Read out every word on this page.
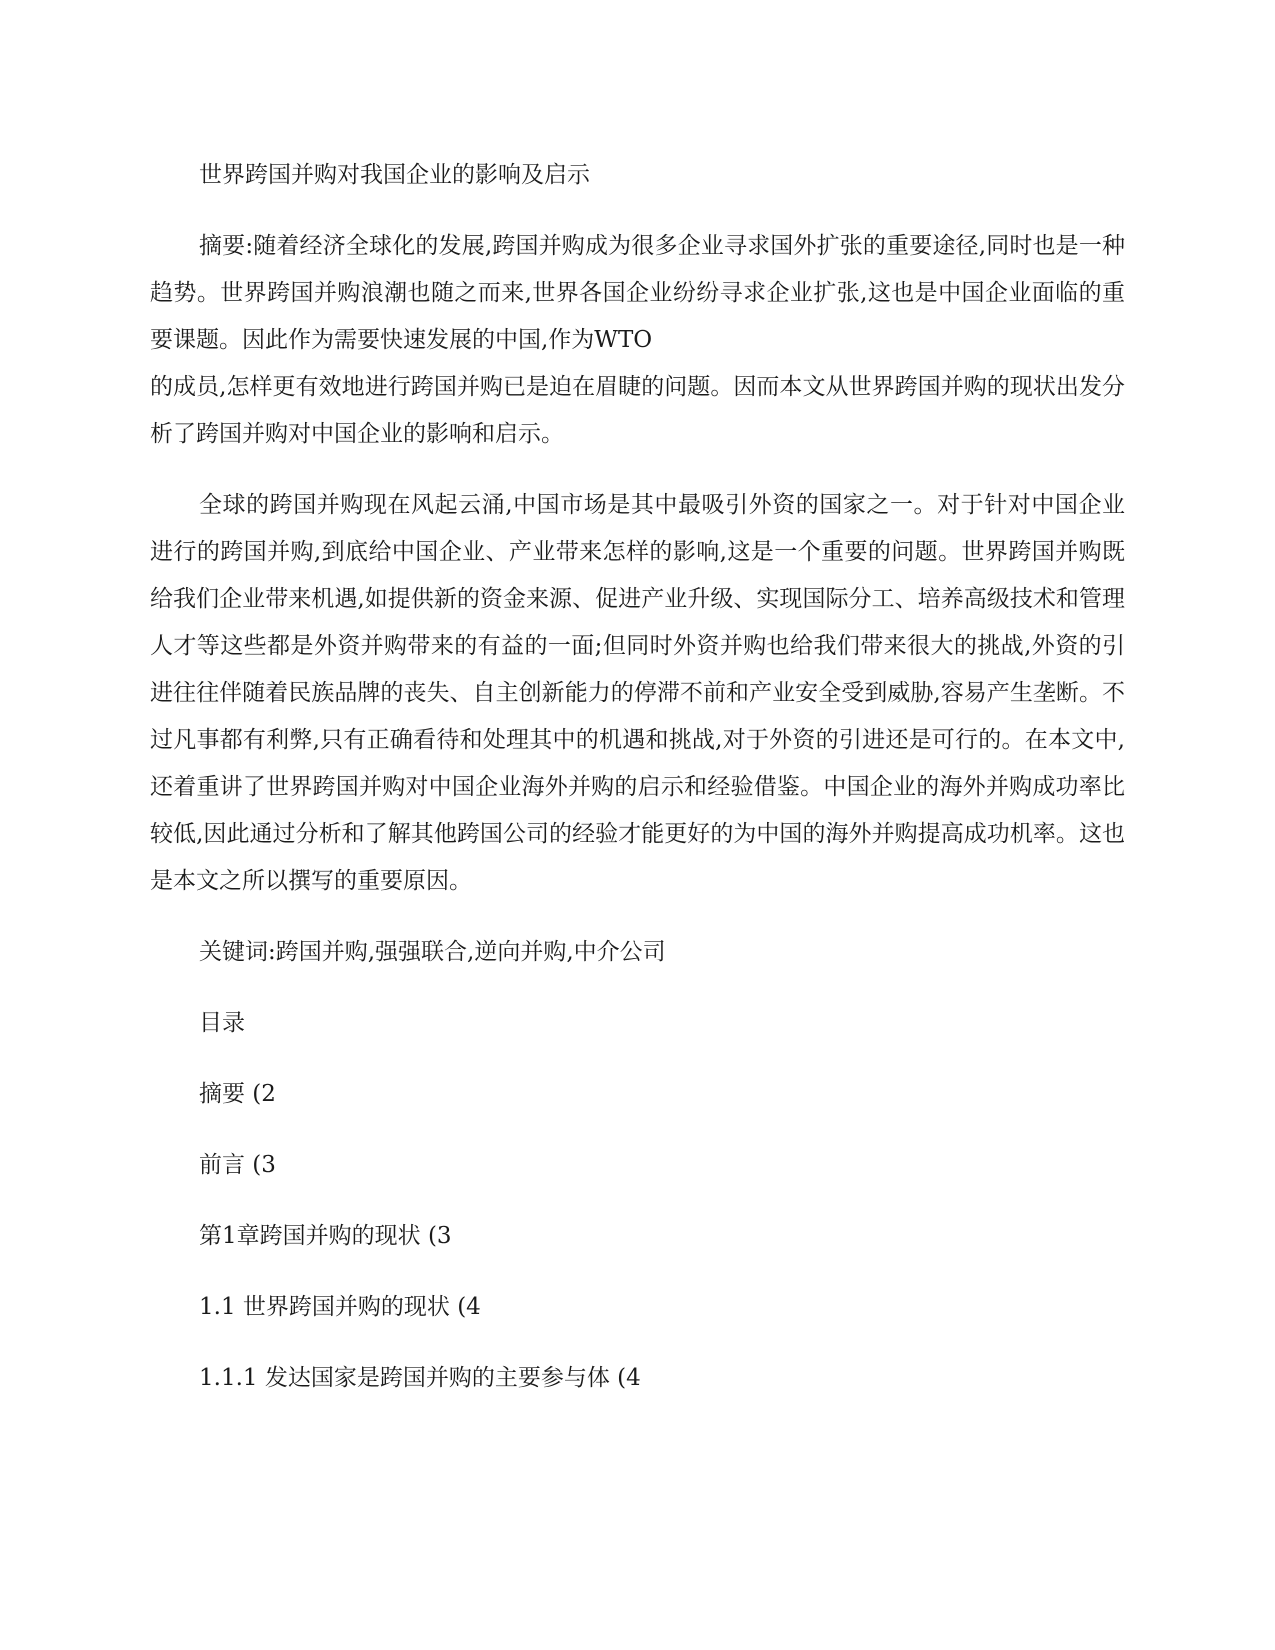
世界跨国并购对我国企业的影响及启示

摘要:随着经济全球化的发展,跨国并购成为很多企业寻求国外扩张的重要途径,同时也是一种趋势。世界跨国并购浪潮也随之而来,世界各国企业纷纷寻求企业扩张,这也是中国企业面临的重要课题。因此作为需要快速发展的中国,作为WTO

的成员,怎样更有效地进行跨国并购已是迫在眉睫的问题。因而本文从世界跨国并购的现状出发分析了跨国并购对中国企业的影响和启示。

全球的跨国并购现在风起云涌,中国市场是其中最吸引外资的国家之一。对于针对中国企业进行的跨国并购,到底给中国企业、产业带来怎样的影响,这是一个重要的问题。世界跨国并购既给我们企业带来机遇,如提供新的资金来源、促进产业升级、实现国际分工、培养高级技术和管理人才等这些都是外资并购带来的有益的一面;但同时外资并购也给我们带来很大的挑战,外资的引进往往伴随着民族品牌的丧失、自主创新能力的停滞不前和产业安全受到威胁,容易产生垄断。不过凡事都有利弊,只有正确看待和处理其中的机遇和挑战,对于外资的引进还是可行的。在本文中,还着重讲了世界跨国并购对中国企业海外并购的启示和经验借鉴。中国企业的海外并购成功率比较低,因此通过分析和了解其他跨国公司的经验才能更好的为中国的海外并购提高成功机率。这也是本文之所以撰写的重要原因。

关键词:跨国并购,强强联合,逆向并购,中介公司

目录

摘要 (2

前言 (3

第1章跨国并购的现状 (3

1.1 世界跨国并购的现状 (4

1.1.1 发达国家是跨国并购的主要参与体 (4
